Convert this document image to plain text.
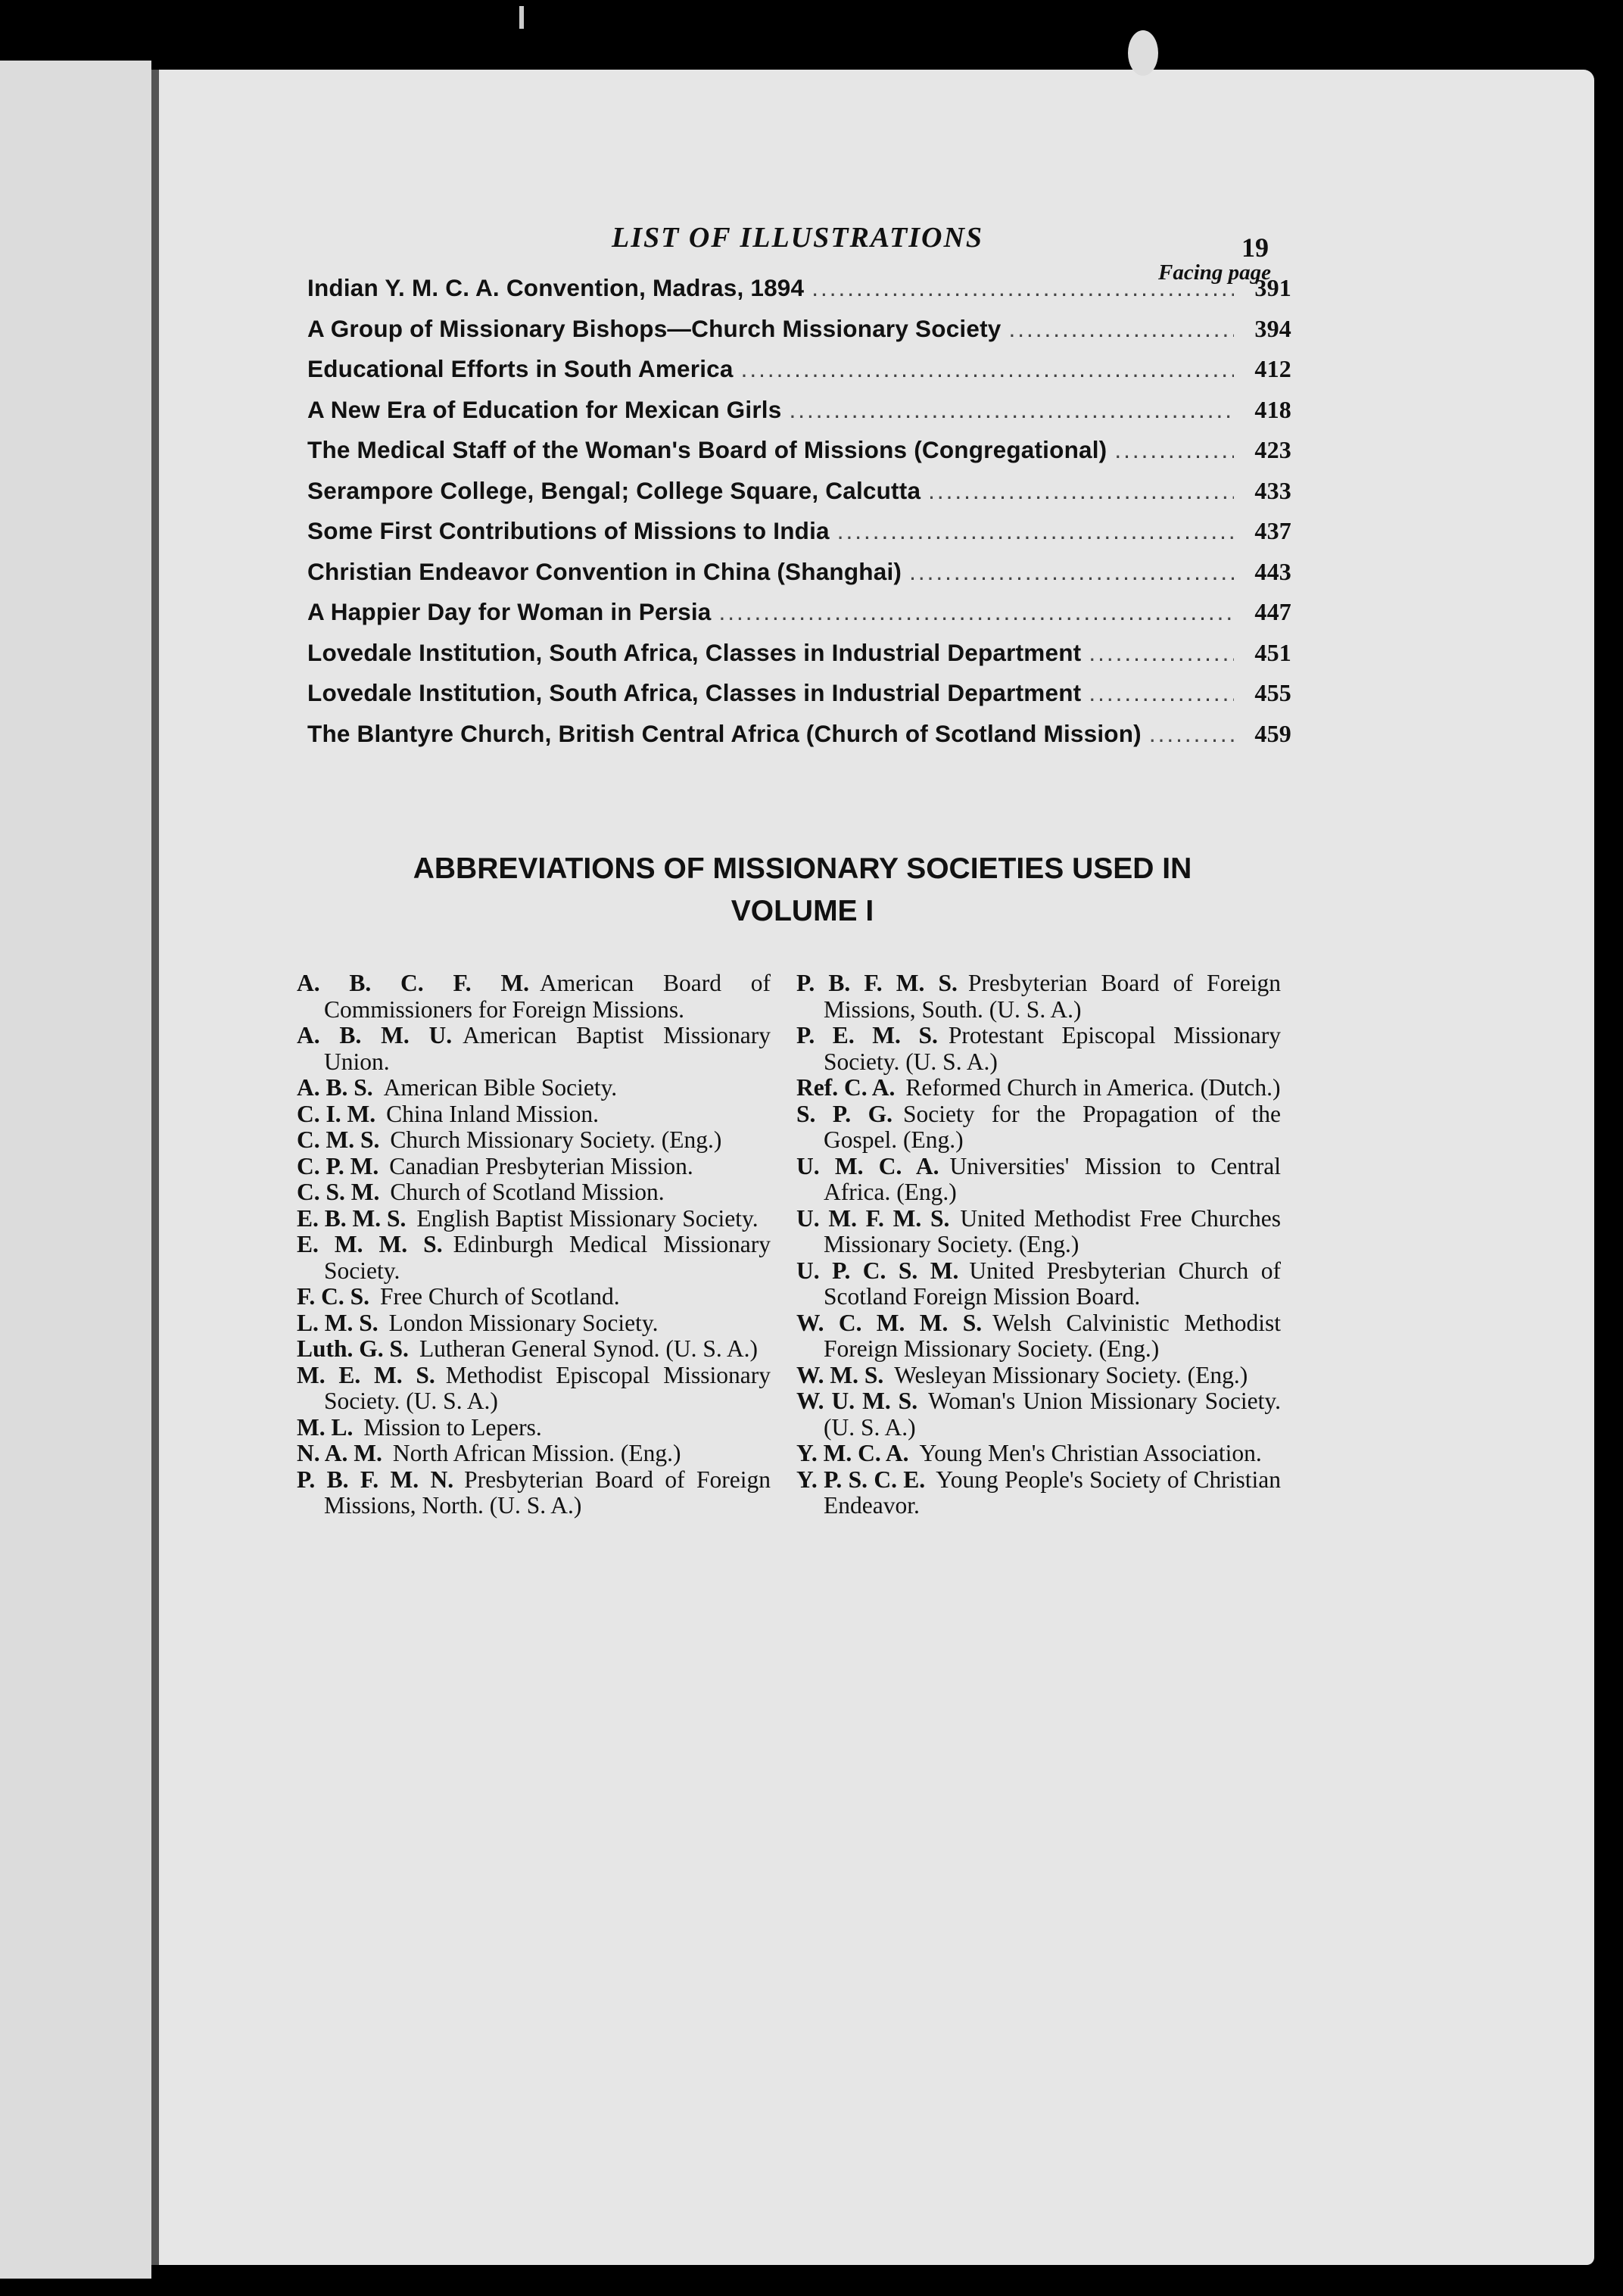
LIST OF ILLUSTRATIONS	19
Facing page
Indian Y. M. C. A. Convention, Madras, 1894 .....	391
A Group of Missionary Bishops—Church Missionary Society .....	394
Educational Efforts in South America .....	412
A New Era of Education for Mexican Girls .....	418
The Medical Staff of the Woman's Board of Missions (Congregational) .....	423
Serampore College, Bengal; College Square, Calcutta .....	433
Some First Contributions of Missions to India .....	437
Christian Endeavor Convention in China (Shanghai) .....	443
A Happier Day for Woman in Persia .....	447
Lovedale Institution, South Africa, Classes in Industrial Department .....	451
Lovedale Institution, South Africa, Classes in Industrial Department .....	455
The Blantyre Church, British Central Africa (Church of Scotland Mission) .....	459
ABBREVIATIONS OF MISSIONARY SOCIETIES USED IN
VOLUME I
A. B. C. F. M. American Board of Commissioners for Foreign Missions.
A. B. M. U. American Baptist Missionary Union.
A. B. S. American Bible Society.
C. I. M. China Inland Mission.
C. M. S. Church Missionary Society. (Eng.)
C. P. M. Canadian Presbyterian Mission.
C. S. M. Church of Scotland Mission.
E. B. M. S. English Baptist Missionary Society.
E. M. M. S. Edinburgh Medical Missionary Society.
F. C. S. Free Church of Scotland.
L. M. S. London Missionary Society.
Luth. G. S. Lutheran General Synod. (U. S. A.)
M. E. M. S. Methodist Episcopal Missionary Society. (U. S. A.)
M. L. Mission to Lepers.
N. A. M. North African Mission. (Eng.)
P. B. F. M. N. Presbyterian Board of Foreign Missions, North. (U. S. A.)
P. B. F. M. S. Presbyterian Board of Foreign Missions, South. (U. S. A.)
P. E. M. S. Protestant Episcopal Missionary Society. (U. S. A.)
Ref. C. A. Reformed Church in America. (Dutch.)
S. P. G. Society for the Propagation of the Gospel. (Eng.)
U. M. C. A. Universities' Mission to Central Africa. (Eng.)
U. M. F. M. S. United Methodist Free Churches Missionary Society. (Eng.)
U. P. C. S. M. United Presbyterian Church of Scotland Foreign Mission Board.
W. C. M. M. S. Welsh Calvinistic Methodist Foreign Missionary Society. (Eng.)
W. M. S. Wesleyan Missionary Society. (Eng.)
W. U. M. S. Woman's Union Missionary Society. (U. S. A.)
Y. M. C. A. Young Men's Christian Association.
Y. P. S. C. E. Young People's Society of Christian Endeavor.
